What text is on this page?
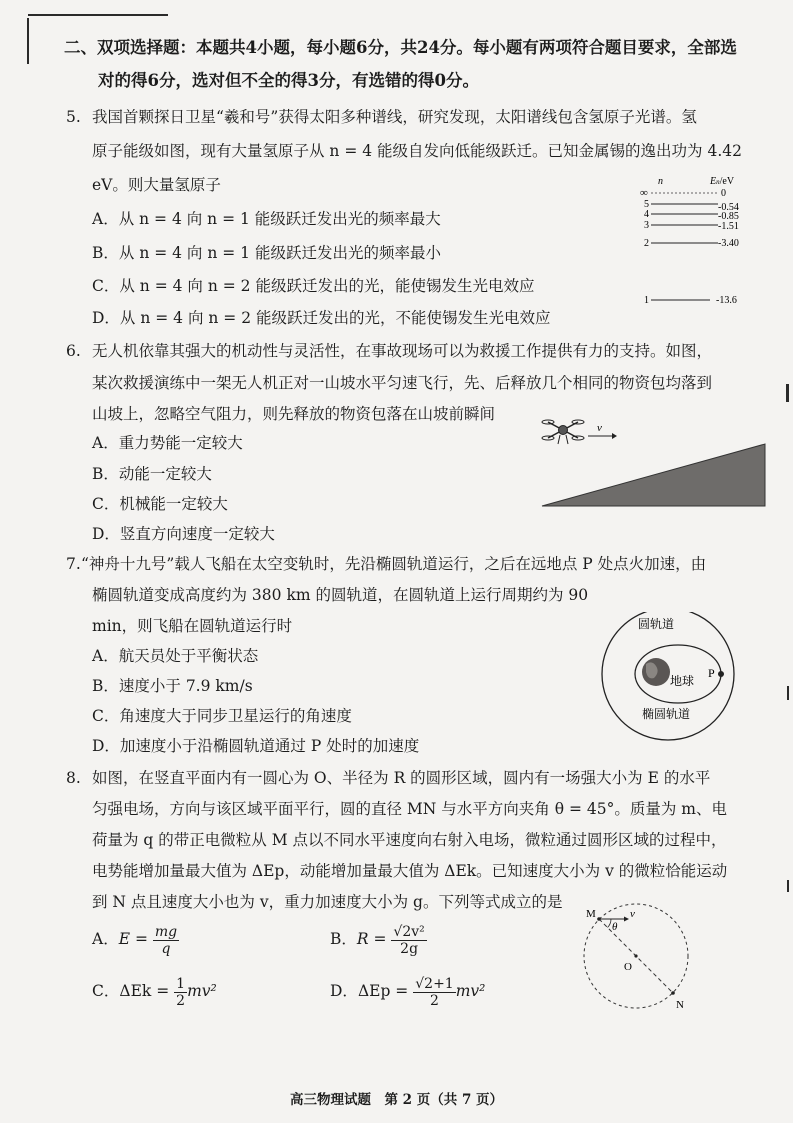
二、双项选择题：本题共4小题，每小题6分，共24分。每小题有两项符合题目要求，全部选
对的得6分，选对但不全的得3分，有选错的得0分。
5. 我国首颗探日卫星“羲和号”获得太阳多种谱线，研究发现，太阳谱线包含氢原子光谱。氢
原子能级如图，现有大量氢原子从 n = 4 能级自发向低能级跃迁。已知金属锡的逸出功为 4.42
eV。则大量氢原子
A．从 n = 4 向 n = 1 能级跃迁发出光的频率最大
B．从 n = 4 向 n = 1 能级跃迁发出光的频率最小
C．从 n = 4 向 n = 2 能级跃迁发出的光，能使锡发生光电效应
D．从 n = 4 向 n = 2 能级跃迁发出的光，不能使锡发生光电效应
n	En/eV
∞	0
5	-0.54
4	-0.85
3	-1.51
2	-3.40
1	-13.6
6. 无人机依靠其强大的机动性与灵活性，在事故现场可以为救援工作提供有力的支持。如图，
某次救援演练中一架无人机正对一山坡水平匀速飞行，先、后释放几个相同的物资包均落到
山坡上，忽略空气阻力，则先释放的物资包落在山坡前瞬间
A．重力势能一定较大
B．动能一定较大
C．机械能一定较大
D．竖直方向速度一定较大
v
7. “神舟十九号”载人飞船在太空变轨时，先沿椭圆轨道运行，之后在远地点 P 处点火加速，由
椭圆轨道变成高度约为 380 km 的圆轨道，在圆轨道上运行周期约为 90
min，则飞船在圆轨道运行时
A．航天员处于平衡状态
B．速度小于 7.9 km/s
C．角速度大于同步卫星运行的角速度
D．加速度小于沿椭圆轨道通过 P 处时的加速度
圆轨道
地球
P
椭圆轨道
8. 如图，在竖直平面内有一圆心为 O、半径为 R 的圆形区域，圆内有一场强大小为 E 的水平
匀强电场，方向与该区域平面平行，圆的直径 MN 与水平方向夹角 θ = 45°。质量为 m、电
荷量为 q 的带正电微粒从 M 点以不同水平速度向右射入电场，微粒通过圆形区域的过程中，
电势能增加量最大值为 ΔEp，动能增加量最大值为 ΔEk。已知速度大小为 v 的微粒恰能运动
到 N 点且速度大小也为 v，重力加速度大小为 g。下列等式成立的是
A．$E = \frac{mg}{q}$	B．$R = \frac{\text{√2v²}}{2g}$
C．$\Delta Ek = \frac{1}{2} mv^2$	D．$\Delta Ep = \frac{√2+1}{2} mv^2$
M	v
θ
O
N
高三物理试题　第 2 页（共 7 页）
